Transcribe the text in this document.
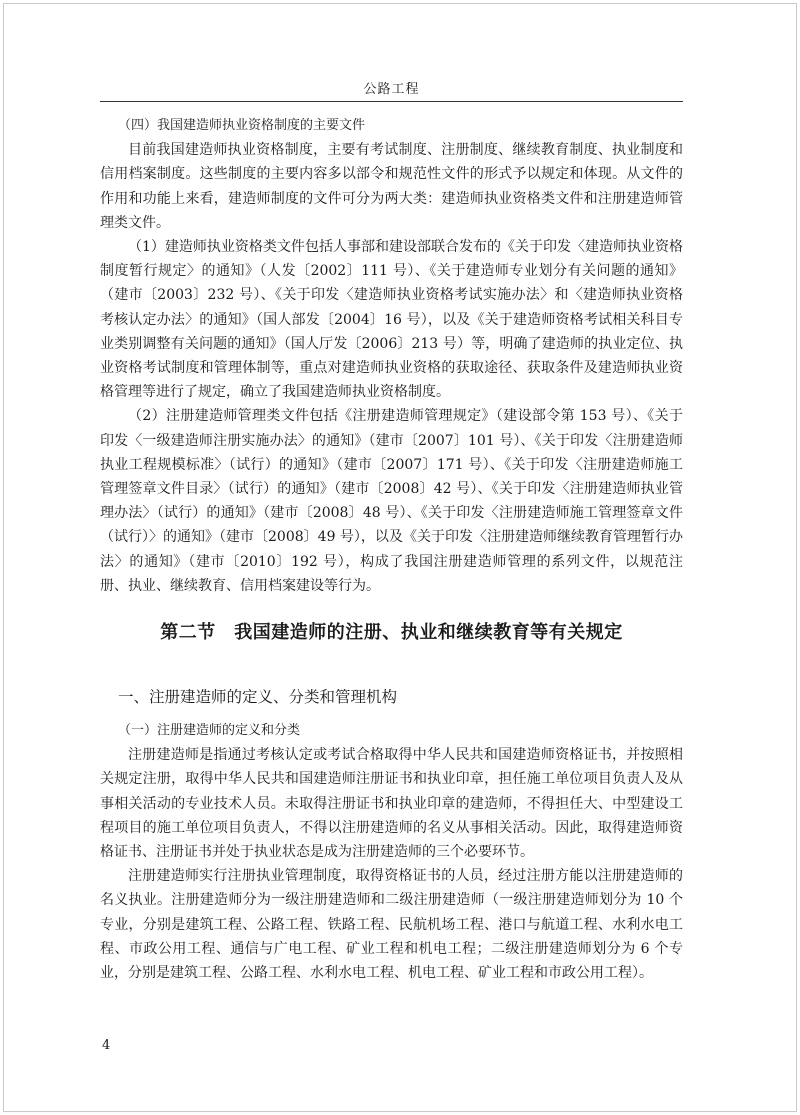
公路工程

（四）我国建造师执业资格制度的主要文件

目前我国建造师执业资格制度，主要有考试制度、注册制度、继续教育制度、执业制度和信用档案制度。这些制度的主要内容多以部令和规范性文件的形式予以规定和体现。从文件的作用和功能上来看，建造师制度的文件可分为两大类：建造师执业资格类文件和注册建造师管理类文件。

（1）建造师执业资格类文件包括人事部和建设部联合发布的《关于印发〈建造师执业资格制度暂行规定〉的通知》（人发〔2002〕111 号）、《关于建造师专业划分有关问题的通知》（建市〔2003〕232 号）、《关于印发〈建造师执业资格考试实施办法〉和〈建造师执业资格考核认定办法〉的通知》（国人部发〔2004〕16 号），以及《关于建造师资格考试相关科目专业类别调整有关问题的通知》（国人厅发〔2006〕213 号）等，明确了建造师的执业定位、执业资格考试制度和管理体制等，重点对建造师执业资格的获取途径、获取条件及建造师执业资格管理等进行了规定，确立了我国建造师执业资格制度。

（2）注册建造师管理类文件包括《注册建造师管理规定》（建设部令第 153 号）、《关于印发〈一级建造师注册实施办法〉的通知》（建市〔2007〕101 号）、《关于印发〈注册建造师执业工程规模标准〉（试行）的通知》（建市〔2007〕171 号）、《关于印发〈注册建造师施工管理签章文件目录〉（试行）的通知》（建市〔2008〕42 号）、《关于印发〈注册建造师执业管理办法〉（试行）的通知》（建市〔2008〕48 号）、《关于印发〈注册建造师施工管理签章文件（试行）〉的通知》（建市〔2008〕49 号），以及《关于印发〈注册建造师继续教育管理暂行办法〉的通知》（建市〔2010〕192 号），构成了我国注册建造师管理的系列文件，以规范注册、执业、继续教育、信用档案建设等行为。

第二节　我国建造师的注册、执业和继续教育等有关规定
一、注册建造师的定义、分类和管理机构

（一）注册建造师的定义和分类

注册建造师是指通过考核认定或考试合格取得中华人民共和国建造师资格证书，并按照相关规定注册，取得中华人民共和国建造师注册证书和执业印章，担任施工单位项目负责人及从事相关活动的专业技术人员。未取得注册证书和执业印章的建造师，不得担任大、中型建设工程项目的施工单位项目负责人，不得以注册建造师的名义从事相关活动。因此，取得建造师资格证书、注册证书并处于执业状态是成为注册建造师的三个必要环节。

注册建造师实行注册执业管理制度，取得资格证书的人员，经过注册方能以注册建造师的名义执业。注册建造师分为一级注册建造师和二级注册建造师（一级注册建造师划分为 10 个专业，分别是建筑工程、公路工程、铁路工程、民航机场工程、港口与航道工程、水利水电工程、市政公用工程、通信与广电工程、矿业工程和机电工程；二级注册建造师划分为 6 个专业，分别是建筑工程、公路工程、水利水电工程、机电工程、矿业工程和市政公用工程）。

4
